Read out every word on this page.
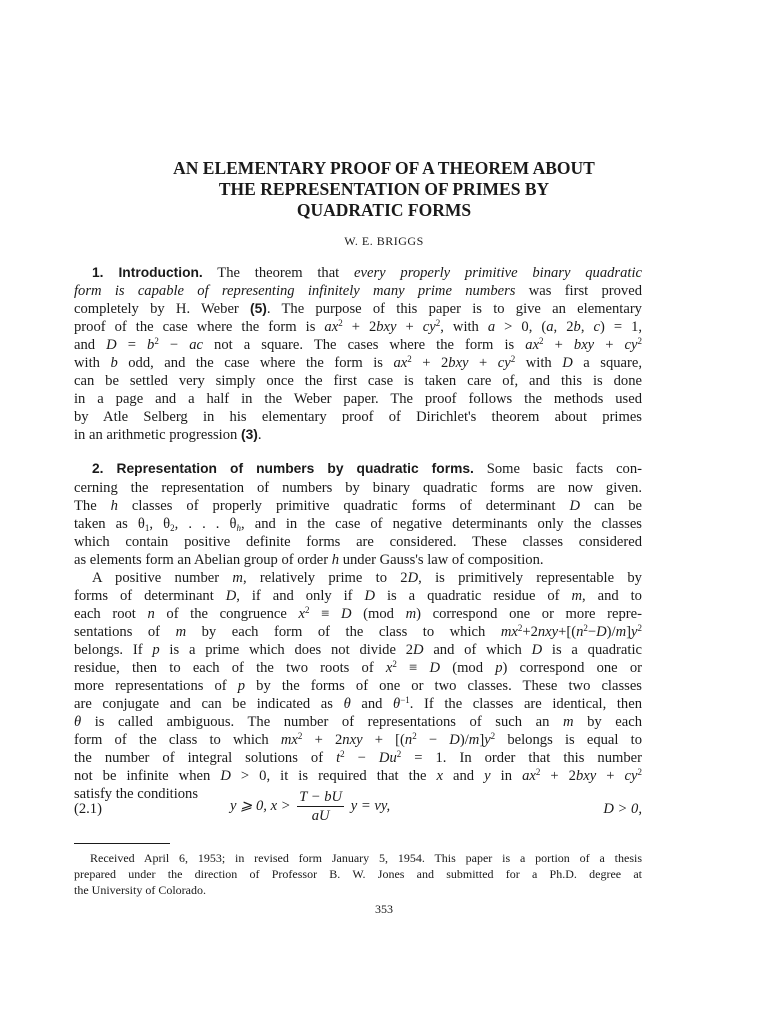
AN ELEMENTARY PROOF OF A THEOREM ABOUT
THE REPRESENTATION OF PRIMES BY
QUADRATIC FORMS
W. E. BRIGGS
1. Introduction. The theorem that every properly primitive binary quadratic
form is capable of representing infinitely many prime numbers was first proved
completely by H. Weber (5). The purpose of this paper is to give an elementary
proof of the case where the form is $ax^2 + 2bxy + cy^2$, with a > 0, (a, 2b, c) = 1,
and $D = b^2$ − ac not a square. The cases where the form is $ax^2$ + bxy + $cy^2$
with b odd, and the case where the form is $ax^2 + 2bxy + cy^2$ with D a square,
can be settled very simply once the first case is taken care of, and this is done
in a page and a half in the Weber paper. The proof follows the methods used
by Atle Selberg in his elementary proof of Dirichlet's theorem about primes
in an arithmetic progression (3).
2. Representation of numbers by quadratic forms. Some basic facts con-
cerning the representation of numbers by binary quadratic forms are now given.
The h classes of properly primitive quadratic forms of determinant D can be
taken as $\theta_1$, $\theta_2$, . . . $\theta_h$, and in the case of negative determinants only the classes
which contain positive definite forms are considered. These classes considered
as elements form an Abelian group of order h under Gauss's law of composition.
A positive number m, relatively prime to 2D, is primitively representable by
forms of determinant D, if and only if D is a quadratic residue of m, and to
each root n of the congruence $x^2 \equiv D$ (mod m) correspond one or more repre-
sentations of m by each form of the class to which $mx^2+2nxy+[(n^2-D)/m]y^2$
belongs. If p is a prime which does not divide 2D and of which D is a quadratic
residue, then to each of the two roots of $x^2 \equiv D$ (mod p) correspond one or
more representations of p by the forms of one or two classes. These two classes
are conjugate and can be indicated as θ and $\theta^{-1}$. If the classes are identical, then
θ is called ambiguous. The number of representations of such an m by each
form of the class to which $mx^2 + 2nxy + [(n^2 - D)/m]y^2$ belongs is equal to
the number of integral solutions of $t^2 - Du^2 = 1$. In order that this number
not be infinite when D > 0, it is required that the x and y in $ax^2 + 2bxy + cy^2$
satisfy the conditions
(2.1)	y ⩾ 0, $x > \frac{T - bU}{aU}$ y = νy,	D > 0,
Received April 6, 1953; in revised form January 5, 1954. This paper is a portion of a thesis
prepared under the direction of Professor B. W. Jones and submitted for a Ph.D. degree at
the University of Colorado.
353
